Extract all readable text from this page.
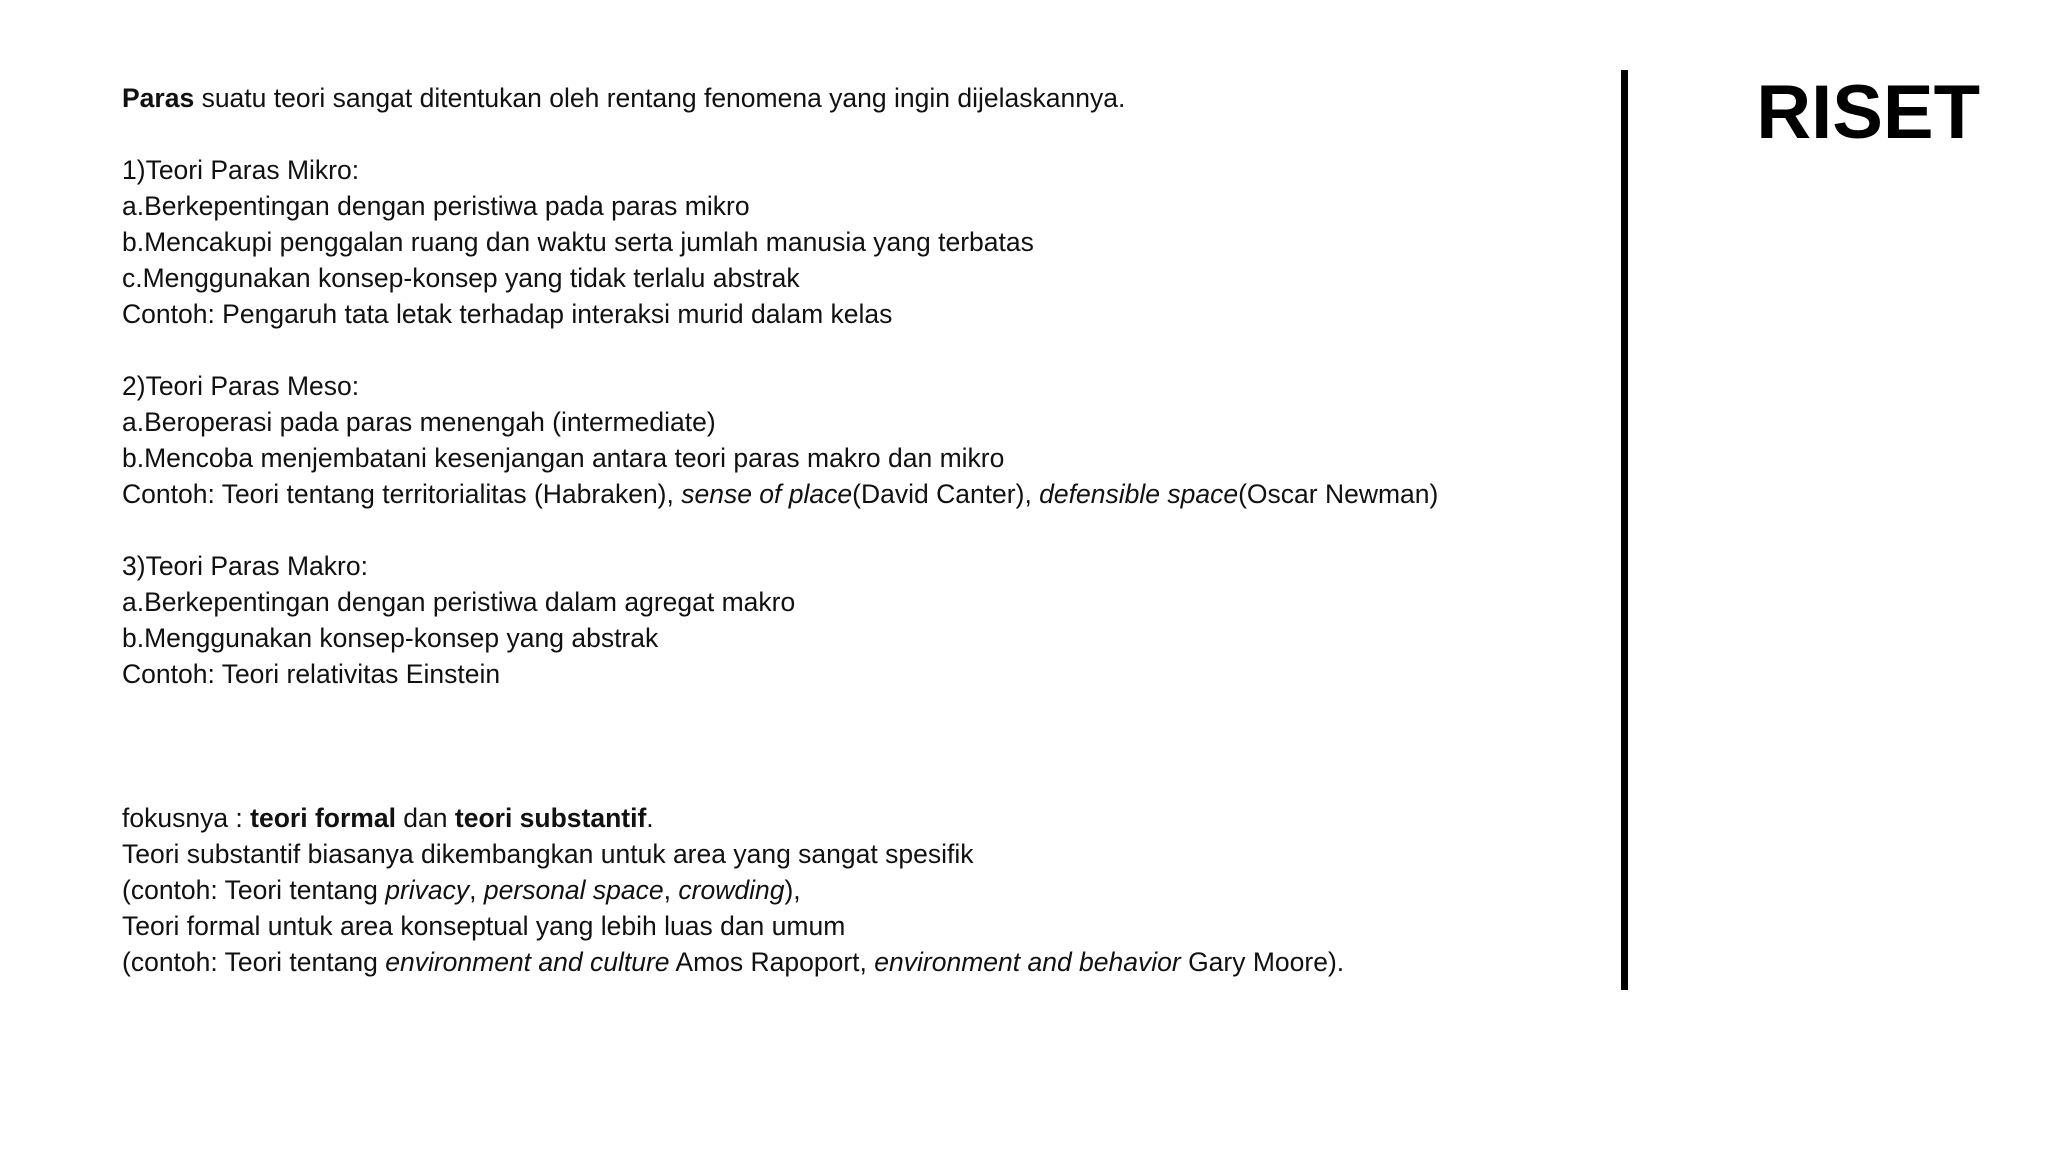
Paras suatu teori sangat ditentukan oleh rentang fenomena yang ingin dijelaskannya.
1)Teori Paras Mikro:
a.Berkepentingan dengan peristiwa pada paras mikro
b.Mencakupi penggalan ruang dan waktu serta jumlah manusia yang terbatas
c.Menggunakan konsep-konsep yang tidak terlalu abstrak
Contoh: Pengaruh tata letak terhadap interaksi murid dalam kelas
2)Teori Paras Meso:
a.Beroperasi pada paras menengah (intermediate)
b.Mencoba menjembatani kesenjangan antara teori paras makro dan mikro
Contoh: Teori tentang territorialitas (Habraken), sense of place(David Canter), defensible space(Oscar Newman)
3)Teori Paras Makro:
a.Berkepentingan dengan peristiwa dalam agregat makro
b.Menggunakan konsep-konsep yang abstrak
Contoh: Teori relativitas Einstein
fokusnya : teori formal dan teori substantif.
Teori substantif biasanya dikembangkan untuk area yang sangat spesifik
(contoh: Teori tentang privacy, personal space, crowding),
Teori formal untuk area konseptual yang lebih luas dan umum
(contoh: Teori tentang environment and culture Amos Rapoport, environment and behavior Gary Moore).
RISET
